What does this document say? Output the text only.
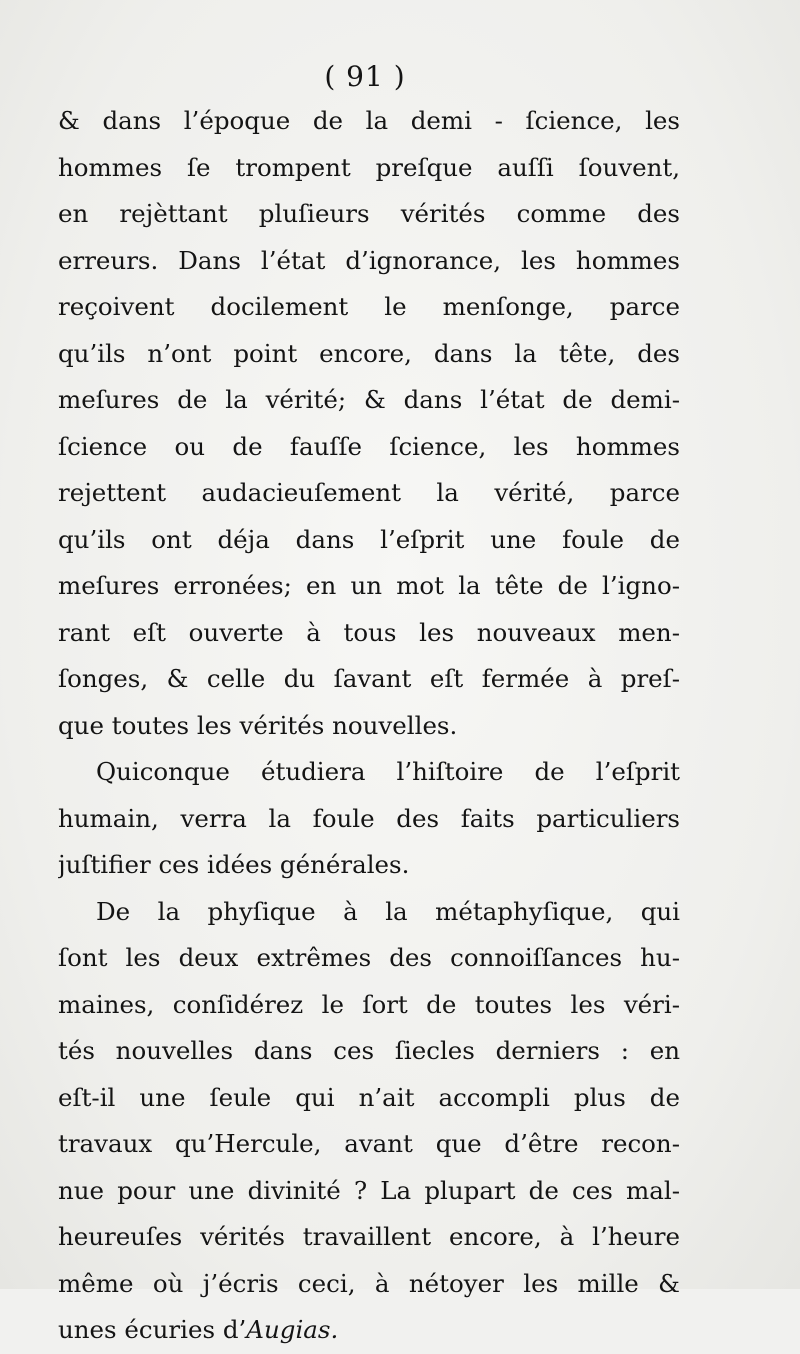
( 91 )
& dans l’époque de la demi - ſcience, les
hommes ſe trompent preſque auſſi ſouvent,
en rejèttant pluſieurs vérités comme des
erreurs. Dans l’état d’ignorance, les hommes
reçoivent docilement le menſonge, parce
qu’ils n’ont point encore, dans la tête, des
meſures de la vérité; & dans l’état de demi-
ſcience ou de fauſſe ſcience, les hommes
rejettent audacieuſement la vérité, parce
qu’ils ont déja dans l’eſprit une foule de
meſures erronées; en un mot la tête de l’igno-
rant eſt ouverte à tous les nouveaux men-
ſonges, & celle du ſavant eſt fermée à preſ-
que toutes les vérités nouvelles.
Quiconque étudiera l’hiſtoire de l’eſprit
humain, verra la foule des faits particuliers
juſtifier ces idées générales.
De la phyſique à la métaphyſique, qui
ſont les deux extrêmes des connoiſſances hu-
maines, conſidérez le ſort de toutes les véri-
tés nouvelles dans ces ſiecles derniers : en
eſt-il une ſeule qui n’ait accompli plus de
travaux qu’Hercule, avant que d’être recon-
nue pour une divinité ? La plupart de ces mal-
heureuſes vérités travaillent encore, à l’heure
même où j’écris ceci, à nétoyer les mille &
unes écuries d’Augias.
